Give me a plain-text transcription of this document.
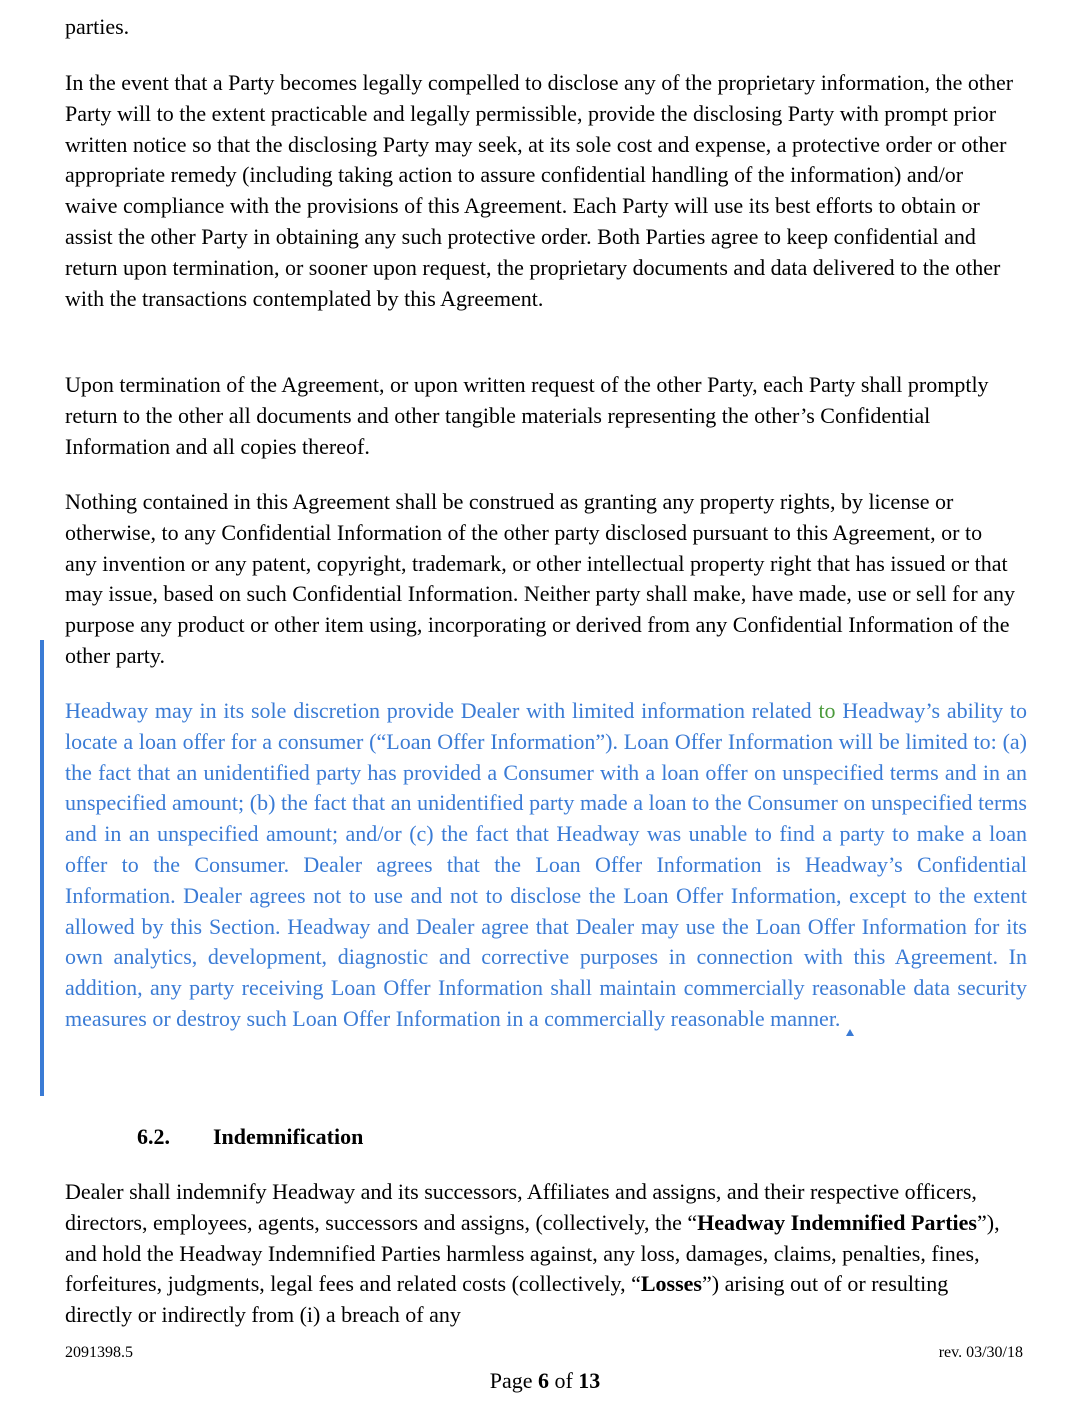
parties.

In the event that a Party becomes legally compelled to disclose any of the proprietary information, the other Party will to the extent practicable and legally permissible, provide the disclosing Party with prompt prior written notice so that the disclosing Party may seek, at its sole cost and expense, a protective order or other appropriate remedy (including taking action to assure confidential handling of the information) and/or waive compliance with the provisions of this Agreement. Each Party will use its best efforts to obtain or assist the other Party in obtaining any such protective order. Both Parties agree to keep confidential and return upon termination, or sooner upon request, the proprietary documents and data delivered to the other with the transactions contemplated by this Agreement.

Upon termination of the Agreement, or upon written request of the other Party, each Party shall promptly return to the other all documents and other tangible materials representing the other’s Confidential Information and all copies thereof.

Nothing contained in this Agreement shall be construed as granting any property rights, by license or otherwise, to any Confidential Information of the other party disclosed pursuant to this Agreement, or to any invention or any patent, copyright, trademark, or other intellectual property right that has issued or that may issue, based on such Confidential Information. Neither party shall make, have made, use or sell for any purpose any product or other item using, incorporating or derived from any Confidential Information of the other party.

Headway may in its sole discretion provide Dealer with limited information related to Headway’s ability to locate a loan offer for a consumer (“Loan Offer Information”). Loan Offer Information will be limited to: (a) the fact that an unidentified party has provided a Consumer with a loan offer on unspecified terms and in an unspecified amount; (b) the fact that an unidentified party made a loan to the Consumer on unspecified terms and in an unspecified amount; and/or (c) the fact that Headway was unable to find a party to make a loan offer to the Consumer. Dealer agrees that the Loan Offer Information is Headway’s Confidential Information. Dealer agrees not to use and not to disclose the Loan Offer Information, except to the extent allowed by this Section. Headway and Dealer agree that Dealer may use the Loan Offer Information for its own analytics, development, diagnostic and corrective purposes in connection with this Agreement. In addition, any party receiving Loan Offer Information shall maintain commercially reasonable data security measures or destroy such Loan Offer Information in a commercially reasonable manner.

6.2. Indemnification

Dealer shall indemnify Headway and its successors, Affiliates and assigns, and their respective officers, directors, employees, agents, successors and assigns, (collectively, the “Headway Indemnified Parties”), and hold the Headway Indemnified Parties harmless against, any loss, damages, claims, penalties, fines, forfeitures, judgments, legal fees and related costs (collectively, “Losses”) arising out of or resulting directly or indirectly from (i) a breach of any

2091398.5	rev. 03/30/18
Page 6 of 13
